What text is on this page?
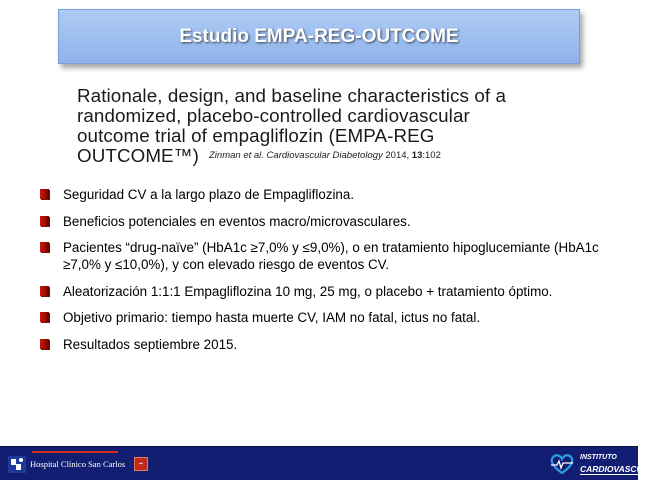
Estudio EMPA-REG-OUTCOME
Rationale, design, and baseline characteristics of a
randomized, placebo-controlled cardiovascular
outcome trial of empagliflozin (EMPA-REG
OUTCOME™)	Zinman et al. Cardiovascular Diabetology 2014, 13:102
Seguridad CV a la largo plazo de Empagliflozina.
Beneficios potenciales en eventos macro/microvasculares.
Pacientes “drug-naïve” (HbA1c ≥7,0% y ≤9,0%), o en tratamiento hipoglucemiante (HbA1c ≥7,0% y ≤10,0%), y con elevado riesgo de eventos CV.
Aleatorización 1:1:1 Empagliflozina 10 mg, 25 mg, o placebo + tratamiento óptimo.
Objetivo primario: tiempo hasta muerte CV, IAM no fatal, ictus no fatal.
Resultados septiembre 2015.
Hospital Clínico San Carlos	▪▪
INSTITUTO
CARDIOVASCULAR
